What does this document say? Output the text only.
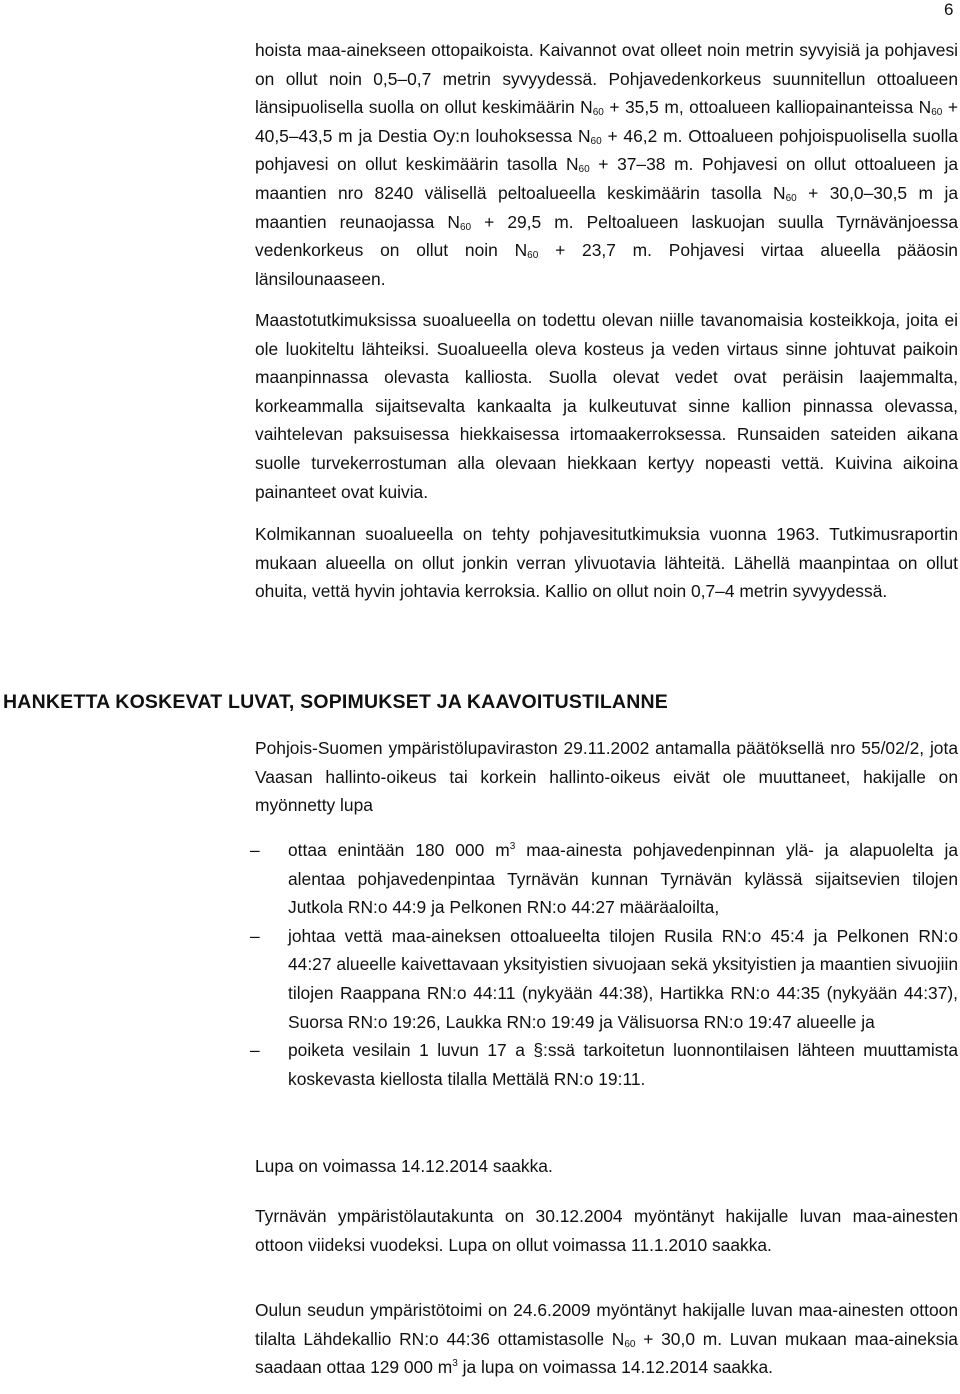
6

hoista maa-ainekseen ottopaikoista. Kaivannot ovat olleet noin metrin syvyisiä ja pohjavesi on ollut noin 0,5–0,7 metrin syvyydessä. Pohjavedenkorkeus suunnitellun ottoalueen länsipuolisella suolla on ollut keskimäärin $N_{60} + 35,5$ m, ottoalueen kalliopainanteissa $N_{60} + 40,5-43,5$ m ja Destia Oy:n louhoksessa $N_{60} + 46,2$ m. Ottoalueen pohjoispuolisella suolla pohjavesi on ollut keskimäärin tasolla $N_{60} + 37-38$ m. Pohjavesi on ollut ottoalueen ja maantien nro 8240 välisellä peltoalueella keskimäärin tasolla $N_{60} + 30,0-30,5$ m ja maantien reunaojassa $N_{60} + 29,5$ m. Peltoalueen laskuojan suulla Tyrnävänjoessa vedenkorkeus on ollut noin $N_{60} + 23,7$ m. Pohjavesi virtaa alueella pääosin länsilounaaseen.

Maastotutkimuksissa suoalueella on todettu olevan niille tavanomaisia kosteikkoja, joita ei ole luokiteltu lähteiksi. Suoalueella oleva kosteus ja veden virtaus sinne johtuvat paikoin maanpinnassa olevasta kalliosta. Suolla olevat vedet ovat peräisin laajemmalta, korkeammalla sijaitsevalta kankaalta ja kulkeutuvat sinne kallion pinnassa olevassa, vaihtelevan paksuisessa hiekkaisessa irtomaakerroksessa. Runsaiden sateiden aikana suolle turvekerrostuman alla olevaan hiekkaan kertyy nopeasti vettä. Kuivina aikoina painanteet ovat kuivia.

Kolmikannan suoalueella on tehty pohjavesitutkimuksia vuonna 1963. Tutkimusraportin mukaan alueella on ollut jonkin verran ylivuotavia lähteitä. Lähellä maanpintaa on ollut ohuita, vettä hyvin johtavia kerroksia. Kallio on ollut noin 0,7–4 metrin syvyydessä.

HANKETTA KOSKEVAT LUVAT, SOPIMUKSET JA KAAVOITUSTILANNE

Pohjois-Suomen ympäristölupaviraston 29.11.2002 antamalla päätöksellä nro 55/02/2, jota Vaasan hallinto-oikeus tai korkein hallinto-oikeus eivät ole muuttaneet, hakijalle on myönnetty lupa

– ottaa enintään 180 000 $m^3$ maa-ainesta pohjavedenpinnan ylä- ja alapuolelta ja alentaa pohjavedenpintaa Tyrnävän kunnan Tyrnävän kylässä sijaitsevien tilojen Jutkola RN:o 44:9 ja Pelkonen RN:o 44:27 määräaloilta,
– johtaa vettä maa-aineksen ottoalueelta tilojen Rusila RN:o 45:4 ja Pelkonen RN:o 44:27 alueelle kaivettavaan yksityistien sivuojaan sekä yksityistien ja maantien sivuojiin tilojen Raappana RN:o 44:11 (nykyään 44:38), Hartikka RN:o 44:35 (nykyään 44:37), Suorsa RN:o 19:26, Laukka RN:o 19:49 ja Välisuorsa RN:o 19:47 alueelle ja
– poiketa vesilain 1 luvun 17 a §:ssä tarkoitetun luonnontilaisen lähteen muuttamista koskevasta kiellosta tilalla Mettälä RN:o 19:11.

Lupa on voimassa 14.12.2014 saakka.

Tyrnävän ympäristölautakunta on 30.12.2004 myöntänyt hakijalle luvan maa-ainesten ottoon viideksi vuodeksi. Lupa on ollut voimassa 11.1.2010 saakka.

Oulun seudun ympäristötoimi on 24.6.2009 myöntänyt hakijalle luvan maa-ainesten ottoon tilalta Lähdekallio RN:o 44:36 ottamistasolle $N_{60} + 30,0$ m. Luvan mukaan maa-aineksia saadaan ottaa 129 000 $m^3$ ja lupa on voimassa 14.12.2014 saakka.
